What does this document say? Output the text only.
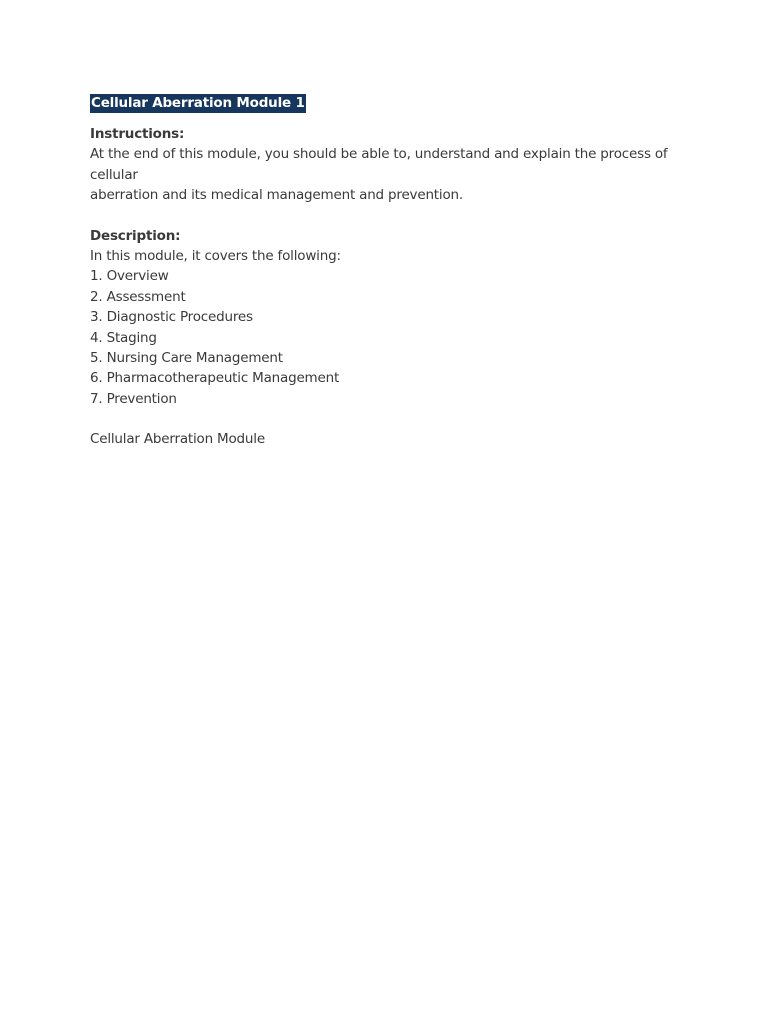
Cellular Aberration Module 1
Instructions:
At the end of this module, you should be able to, understand and explain the process of cellular
aberration and its medical management and prevention.
Description:
In this module, it covers the following:
1. Overview
2. Assessment
3. Diagnostic Procedures
4. Staging
5. Nursing Care Management
6. Pharmacotherapeutic Management
7. Prevention
Cellular Aberration Module
